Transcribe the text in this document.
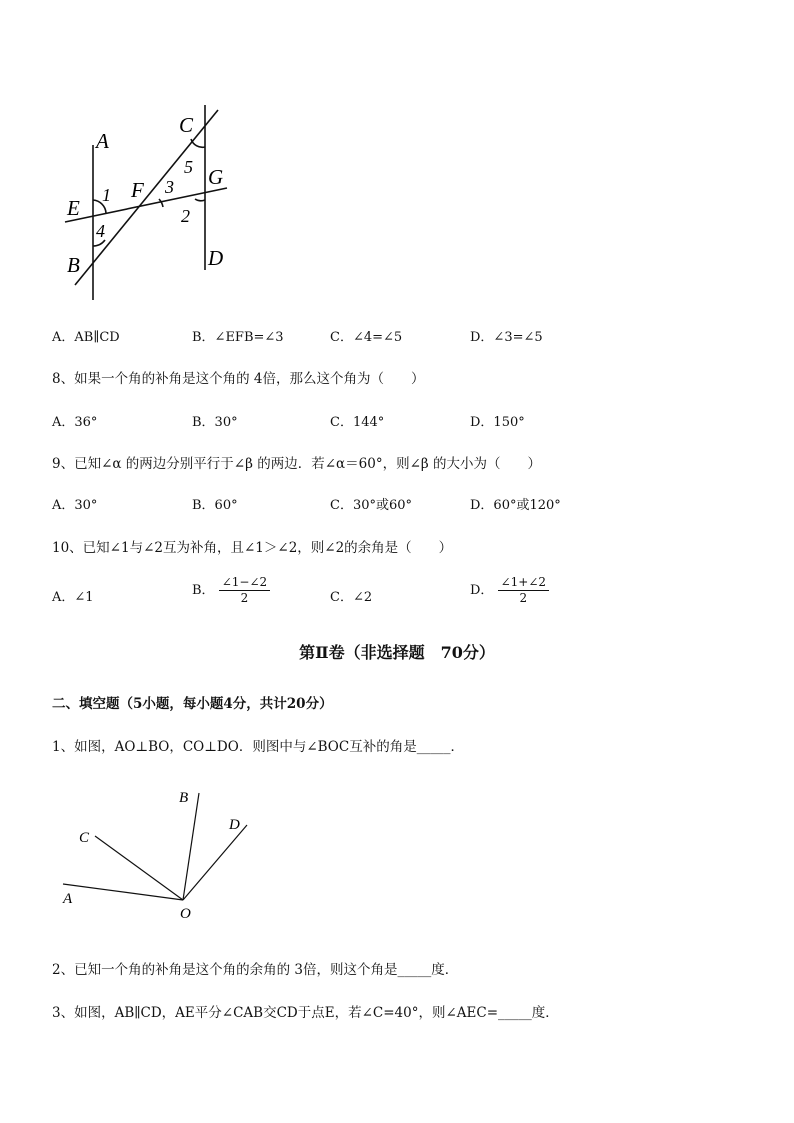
A
B
C
D
E
F
G
1
4
3
5
2
A．AB∥CD	B．∠EFB=∠3	C．∠4=∠5	D．∠3=∠5
8、如果一个角的补角是这个角的 4倍，那么这个角为（　　）
A．36°	B．30°	C．144°	D．150°
9、已知∠α 的两边分别平行于∠β 的两边．若∠α＝60°，则∠β 的大小为（　　）
A．30°	B．60°	C．30°或60°	D．60°或120°
10、已知∠1与∠2互为补角，且∠1＞∠2，则∠2的余角是（　　）
A．∠1	B． $\frac{\angle 1-\angle 2}{2}$	C．∠2	D． $\frac{\angle 1+\angle 2}{2}$
第Ⅱ卷（非选择题　70分）
二、填空题（5小题，每小题4分，共计20分）
1、如图，AO⊥BO，CO⊥DO．则图中与∠BOC互补的角是_____．
A
C
B
D
O
2、已知一个角的补角是这个角的余角的 3倍，则这个角是_____度．
3、如图，AB∥CD，AE平分∠CAB交CD于点E，若∠C=40°，则∠AEC=_____度．
